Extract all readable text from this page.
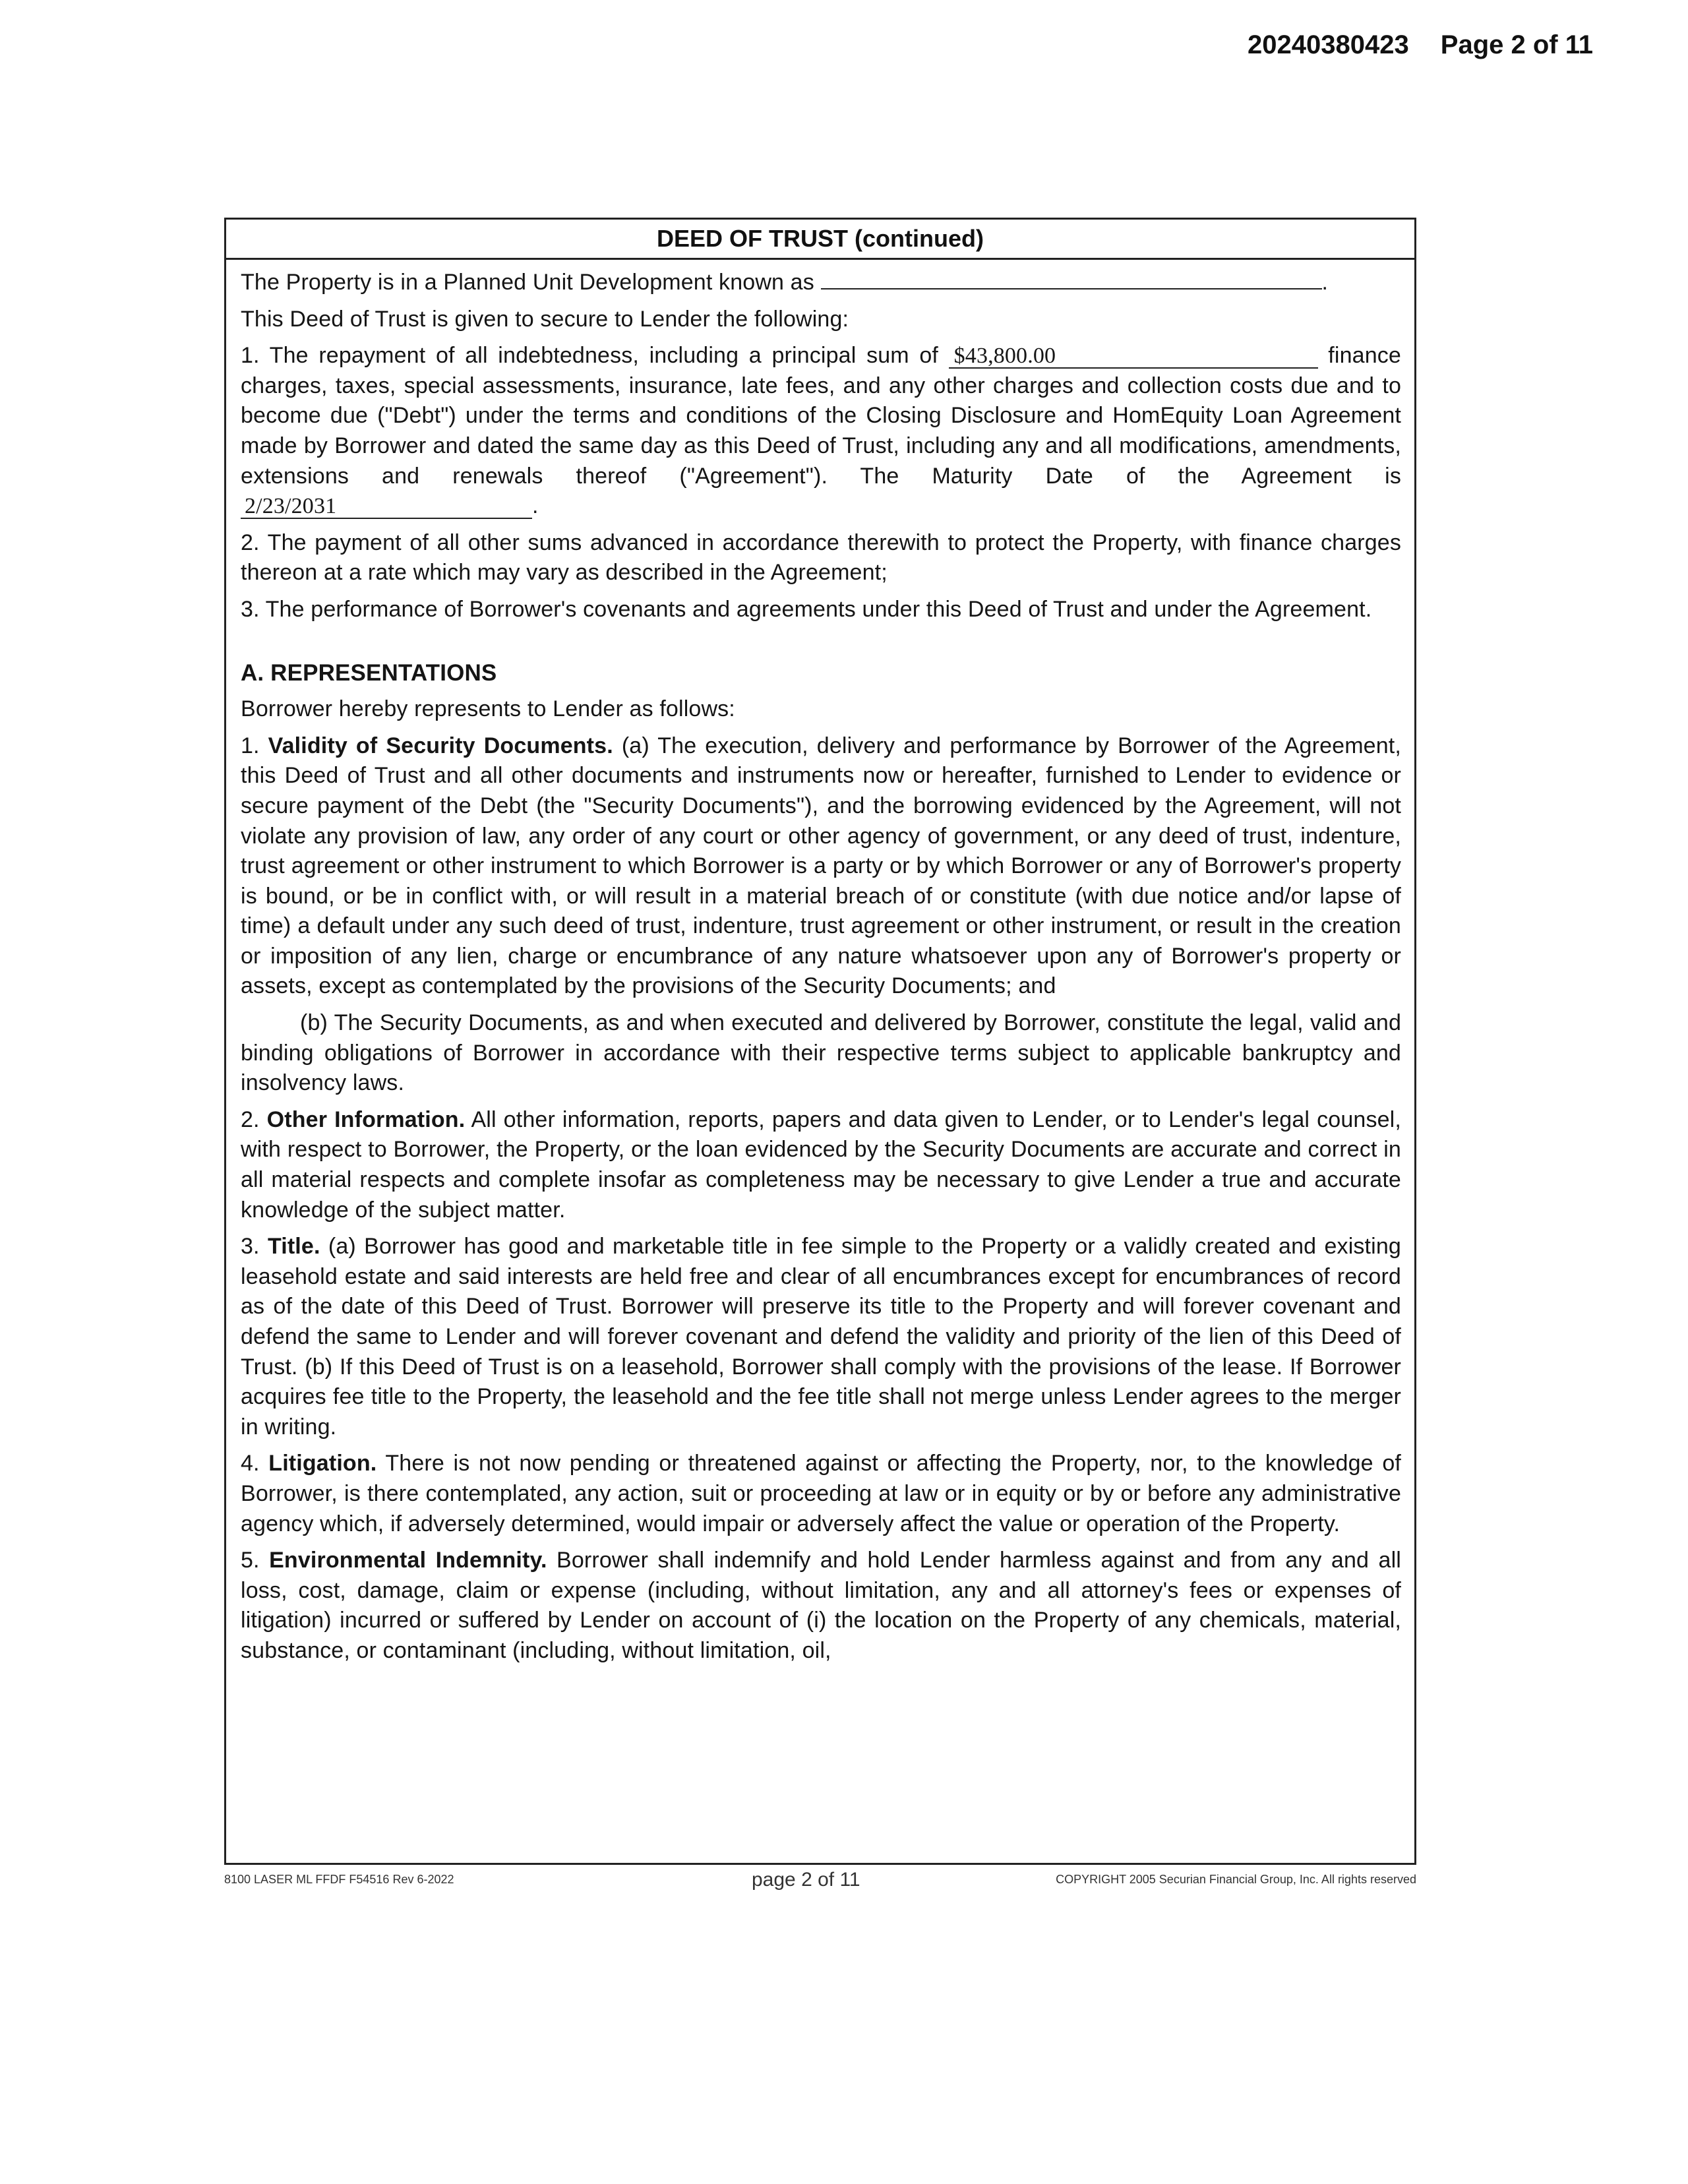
20240380423 Page 2 of 11
DEED OF TRUST (continued)

The Property is in a Planned Unit Development known as	.

This Deed of Trust is given to secure to Lender the following:

1. The repayment of all indebtedness, including a principal sum of $43,800.00	finance charges, taxes, special assessments, insurance, late fees, and any other charges and collection costs due and to become due ("Debt") under the terms and conditions of the Closing Disclosure and HomEquity Loan Agreement made by Borrower and dated the same day as this Deed of Trust, including any and all modifications, amendments, extensions and renewals thereof ("Agreement"). The Maturity Date of the Agreement is 2/23/2031	.

2. The payment of all other sums advanced in accordance therewith to protect the Property, with finance charges thereon at a rate which may vary as described in the Agreement;

3. The performance of Borrower's covenants and agreements under this Deed of Trust and under the Agreement.

A. REPRESENTATIONS

Borrower hereby represents to Lender as follows:

1. Validity of Security Documents. (a) The execution, delivery and performance by Borrower of the Agreement, this Deed of Trust and all other documents and instruments now or hereafter, furnished to Lender to evidence or secure payment of the Debt (the "Security Documents"), and the borrowing evidenced by the Agreement, will not violate any provision of law, any order of any court or other agency of government, or any deed of trust, indenture, trust agreement or other instrument to which Borrower is a party or by which Borrower or any of Borrower's property is bound, or be in conflict with, or will result in a material breach of or constitute (with due notice and/or lapse of time) a default under any such deed of trust, indenture, trust agreement or other instrument, or result in the creation or imposition of any lien, charge or encumbrance of any nature whatsoever upon any of Borrower's property or assets, except as contemplated by the provisions of the Security Documents; and

(b) The Security Documents, as and when executed and delivered by Borrower, constitute the legal, valid and binding obligations of Borrower in accordance with their respective terms subject to applicable bankruptcy and insolvency laws.

2. Other Information. All other information, reports, papers and data given to Lender, or to Lender's legal counsel, with respect to Borrower, the Property, or the loan evidenced by the Security Documents are accurate and correct in all material respects and complete insofar as completeness may be necessary to give Lender a true and accurate knowledge of the subject matter.

3. Title. (a) Borrower has good and marketable title in fee simple to the Property or a validly created and existing leasehold estate and said interests are held free and clear of all encumbrances except for encumbrances of record as of the date of this Deed of Trust. Borrower will preserve its title to the Property and will forever covenant and defend the same to Lender and will forever covenant and defend the validity and priority of the lien of this Deed of Trust. (b) If this Deed of Trust is on a leasehold, Borrower shall comply with the provisions of the lease. If Borrower acquires fee title to the Property, the leasehold and the fee title shall not merge unless Lender agrees to the merger in writing.

4. Litigation. There is not now pending or threatened against or affecting the Property, nor, to the knowledge of Borrower, is there contemplated, any action, suit or proceeding at law or in equity or by or before any administrative agency which, if adversely determined, would impair or adversely affect the value or operation of the Property.

5. Environmental Indemnity. Borrower shall indemnify and hold Lender harmless against and from any and all loss, cost, damage, claim or expense (including, without limitation, any and all attorney's fees or expenses of litigation) incurred or suffered by Lender on account of (i) the location on the Property of any chemicals, material, substance, or contaminant (including, without limitation, oil,

8100 LASER ML FFDF F54516 Rev 6-2022	page 2 of 11	COPYRIGHT 2005 Securian Financial Group, Inc. All rights reserved
